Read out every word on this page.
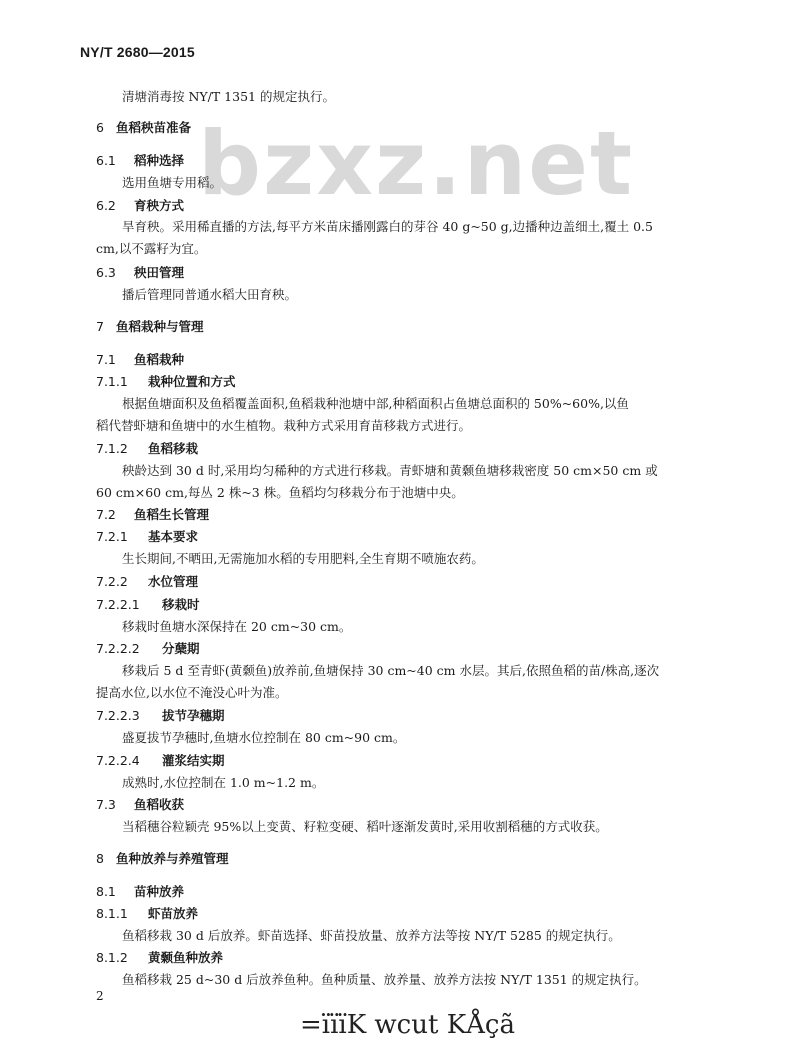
NY/T 2680—2015
bzxz.net
清塘消毒按 NY/T 1351 的规定执行。
6 鱼稻秧苗准备
6.1 稻种选择
选用鱼塘专用稻。
6.2 育秧方式
旱育秧。采用稀直播的方法,每平方米苗床播刚露白的芽谷 40 g~50 g,边播种边盖细土,覆土 0.5
cm,以不露籽为宜。
6.3 秧田管理
播后管理同普通水稻大田育秧。
7 鱼稻栽种与管理
7.1 鱼稻栽种
7.1.1 栽种位置和方式
根据鱼塘面积及鱼稻覆盖面积,鱼稻栽种池塘中部,种稻面积占鱼塘总面积的 50%~60%,以鱼
稻代替虾塘和鱼塘中的水生植物。栽种方式采用育苗移栽方式进行。
7.1.2 鱼稻移栽
秧龄达到 30 d 时,采用均匀稀种的方式进行移栽。青虾塘和黄颡鱼塘移栽密度 50 cm×50 cm 或
60 cm×60 cm,每丛 2 株~3 株。鱼稻均匀移栽分布于池塘中央。
7.2 鱼稻生长管理
7.2.1 基本要求
生长期间,不晒田,无需施加水稻的专用肥料,全生育期不喷施农药。
7.2.2 水位管理
7.2.2.1 移栽时
移栽时鱼塘水深保持在 20 cm~30 cm。
7.2.2.2 分蘖期
移栽后 5 d 至青虾(黄颡鱼)放养前,鱼塘保持 30 cm~40 cm 水层。其后,依照鱼稻的苗/株高,逐次
提高水位,以水位不淹没心叶为准。
7.2.2.3 拔节孕穗期
盛夏拔节孕穗时,鱼塘水位控制在 80 cm~90 cm。
7.2.2.4 灌浆结实期
成熟时,水位控制在 1.0 m~1.2 m。
7.3 鱼稻收获
当稻穗谷粒颖壳 95%以上变黄、籽粒变硬、稻叶逐渐发黄时,采用收割稻穗的方式收获。
8 鱼种放养与养殖管理
8.1 苗种放养
8.1.1 虾苗放养
鱼稻移栽 30 d 后放养。虾苗选择、虾苗投放量、放养方法等按 NY/T 5285 的规定执行。
8.1.2 黄颡鱼种放养
鱼稻移栽 25 d~30 d 后放养鱼种。鱼种质量、放养量、放养方法按 NY/T 1351 的规定执行。
2
=ïïïK wcut KÅçã
